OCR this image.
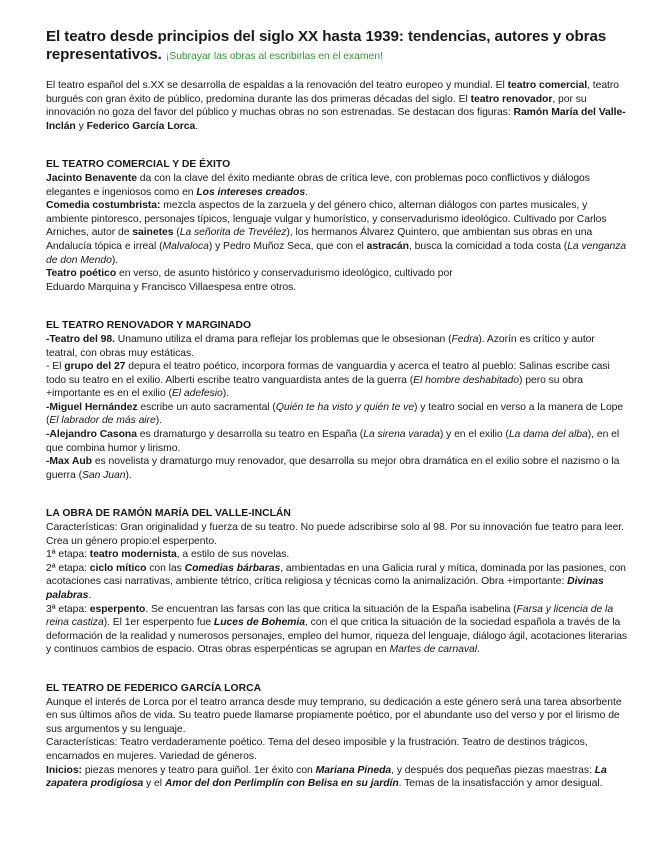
El teatro desde principios del siglo XX hasta 1939: tendencias, autores y obras representativos. ¡Subrayar las obras al escribirlas en el examen!

El teatro español del s.XX se desarrolla de espaldas a la renovación del teatro europeo y mundial. El teatro comercial, teatro burgués con gran éxito de público, predomina durante las dos primeras décadas del siglo. El teatro renovador, por su innovación no goza del favor del público y muchas obras no son estrenadas. Se destacan dos figuras: Ramón María del Valle-Inclán y Federico García Lorca.

EL TEATRO COMERCIAL Y DE ÉXITO

Jacinto Benavente da con la clave del éxito mediante obras de crítica leve, con problemas poco conflictivos y diálogos elegantes e ingeniosos como en Los intereses creados.

Comedia costumbrista: mezcla aspectos de la zarzuela y del género chico, alternan diálogos con partes musicales, y ambiente pintoresco, personajes típicos, lenguaje vulgar y humorístico, y conservadurismo ideológico. Cultivado por Carlos Arniches, autor de sainetes (La señorita de Trevélez), los hermanos Álvarez Quintero, que ambientan sus obras en una Andalucía tópica e irreal (Malvaloca) y Pedro Muñoz Seca, que con el astracán, busca la comicidad a toda costa (La venganza de don Mendo).

Teatro poético en verso, de asunto histórico y conservadurismo ideológico, cultivado por
Eduardo Marquina y Francisco Villaespesa entre otros.

EL TEATRO RENOVADOR Y MARGINADO

-Teatro del 98. Unamuno utiliza el drama para reflejar los problemas que le obsesionan (Fedra). Azorín es crítico y autor teatral, con obras muy estáticas.

- El grupo del 27 depura el teatro poético, incorpora formas de vanguardia y acerca el teatro al pueblo: Salinas escribe casi todo su teatro en el exilio. Alberti escribe teatro vanguardista antes de la guerra (El hombre deshabitado) pero su obra +importante es en el exilio (El adefesio).

-Miguel Hernández escribe un auto sacramental (Quién te ha visto y quién te ve) y teatro social en verso a la manera de Lope (El labrador de más aire).

-Alejandro Casona es dramaturgo y desarrolla su teatro en España (La sirena varada) y en el exilio (La dama del alba), en el que combina humor y lirismo.

-Max Aub es novelista y dramaturgo muy renovador, que desarrolla su mejor obra dramática en el exilio sobre el nazismo o la guerra (San Juan).

LA OBRA DE RAMÓN MARÍA DEL VALLE-INCLÁN

Características: Gran originalidad y fuerza de su teatro. No puede adscribirse solo al 98. Por su innovación fue teatro para leer. Crea un género propio:el esperpento.

1ª etapa: teatro modernista, a estilo de sus novelas.

2ª etapa: ciclo mítico con las Comedias bárbaras, ambientadas en una Galicia rural y mítica, dominada por las pasiones, con acotaciones casi narrativas, ambiente tétrico, crítica religiosa y técnicas como la animalización. Obra +importante: Divinas palabras.

3ª etapa: esperpento. Se encuentran las farsas con las que critica la situación de la España isabelina (Farsa y licencia de la reina castiza). El 1er esperpento fue Luces de Bohemia, con el que critica la situación de la sociedad española a través de la deformación de la realidad y numerosos personajes, empleo del humor, riqueza del lenguaje, diálogo ágil, acotaciones literarias y continuos cambios de espacio. Otras obras esperpénticas se agrupan en Martes de carnaval.

EL TEATRO DE FEDERICO GARCÍA LORCA

Aunque el interés de Lorca por el teatro arranca desde muy temprano, su dedicación a este género será una tarea absorbente en sus últimos años de vida. Su teatro puede llamarse propiamente poético, por el abundante uso del verso y por el lirismo de sus argumentos y su lenguaje.

Características: Teatro verdaderamente poético. Tema del deseo imposible y la frustración. Teatro de destinos trágicos, encarnados en mujeres. Variedad de géneros.

Inicios: piezas menores y teatro para guiñol. 1er éxito con Mariana Pineda, y después dos pequeñas piezas maestras: La zapatera prodigiosa y el Amor del don Perlimplín con Belisa en su jardín. Temas de la insatisfacción y amor desigual.
